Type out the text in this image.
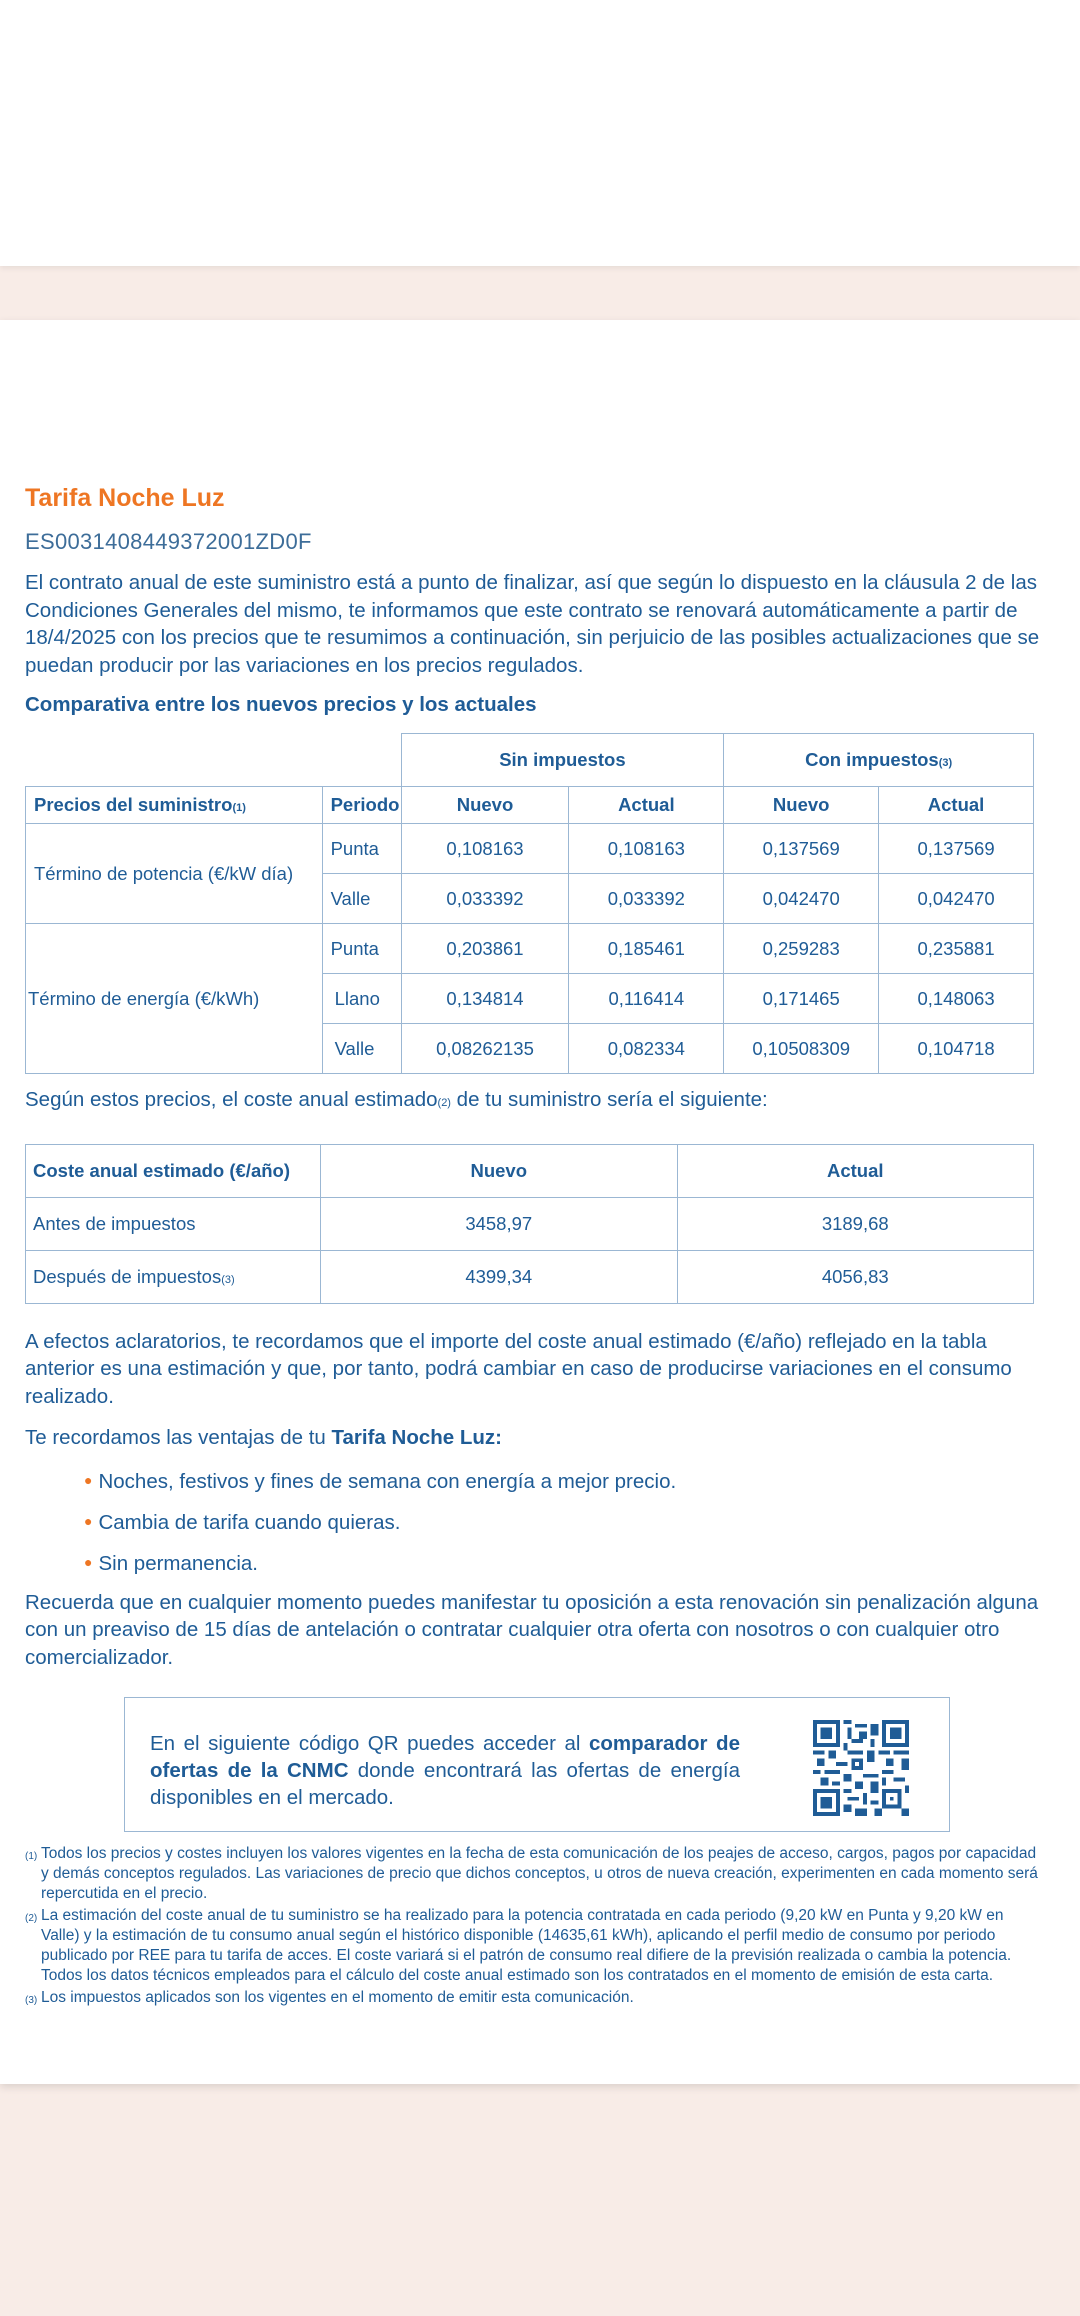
Tarifa Noche Luz
ES0031408449372001ZD0F
El contrato anual de este suministro está a punto de finalizar, así que según lo dispuesto en la cláusula 2 de las Condiciones Generales del mismo, te informamos que este contrato se renovará automáticamente a partir de 18/4/2025 con los precios que te resumimos a continuación, sin perjuicio de las posibles actualizaciones que se puedan producir por las variaciones en los precios regulados.
Comparativa entre los nuevos precios y los actuales
		Sin impuestos		Con impuestos(3)	
Precios del suministro(1)	Periodo	Nuevo	Actual	Nuevo	Actual
Término de potencia (€/kW día)	Punta	0,108163	0,108163	0,137569	0,137569
	Valle	0,033392	0,033392	0,042470	0,042470
Término de energía (€/kWh)	Punta	0,203861	0,185461	0,259283	0,235881
	Llano	0,134814	0,116414	0,171465	0,148063
	Valle	0,08262135	0,082334	0,10508309	0,104718
Según estos precios, el coste anual estimado(2) de tu suministro sería el siguiente:
Coste anual estimado (€/año)	Nuevo	Actual
Antes de impuestos	3458,97	3189,68
Después de impuestos(3)	4399,34	4056,83
A efectos aclaratorios, te recordamos que el importe del coste anual estimado (€/año) reflejado en la tabla anterior es una estimación y que, por tanto, podrá cambiar en caso de producirse variaciones en el consumo realizado.
Te recordamos las ventajas de tu Tarifa Noche Luz:
● Noches, festivos y fines de semana con energía a mejor precio.
● Cambia de tarifa cuando quieras.
● Sin permanencia.
Recuerda que en cualquier momento puedes manifestar tu oposición a esta renovación sin penalización alguna con un preaviso de 15 días de antelación o contratar cualquier otra oferta con nosotros o con cualquier otro comercializador.
En el siguiente código QR puedes acceder al comparador de ofertas de la CNMC donde encontrará las ofertas de energía disponibles en el mercado.
(1) Todos los precios y costes incluyen los valores vigentes en la fecha de esta comunicación de los peajes de acceso, cargos, pagos por capacidad y demás conceptos regulados. Las variaciones de precio que dichos conceptos, u otros de nueva creación, experimenten en cada momento será repercutida en el precio.
(2) La estimación del coste anual de tu suministro se ha realizado para la potencia contratada en cada periodo (9,20 kW en Punta y 9,20 kW en Valle) y la estimación de tu consumo anual según el histórico disponible (14635,61 kWh), aplicando el perfil medio de consumo por periodo publicado por REE para tu tarifa de acces. El coste variará si el patrón de consumo real difiere de la previsión realizada o cambia la potencia. Todos los datos técnicos empleados para el cálculo del coste anual estimado son los contratados en el momento de emisión de esta carta.
(3) Los impuestos aplicados son los vigentes en el momento de emitir esta comunicación.
